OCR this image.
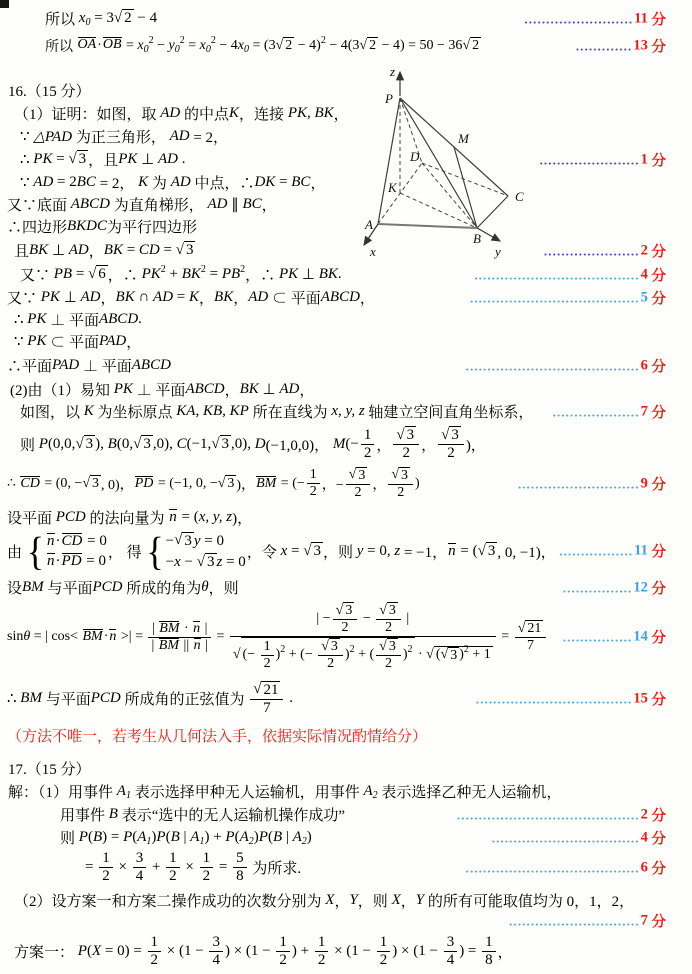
所以 $x_0 = 3$ √ 2 − 4	......................... 11 分
所以 OA · OB = $x_0$
$^2 - y_0$
$^2 = x_0$
$^2$ − 4 $x_0 = (3$ √ 2 − 4)$^2$ − 4(3 √ 2 − 4) = 50 − 36 √ 2	............. 13 分
16.（15 分）
（1）证明：如图，取 AD 的中点 K ，连接 PK, BK ，
∵ △PAD 为正三角形， AD = 2，
∴ PK = √ 3 ，且 PK ⊥ AD .	....................... 1 分
∵ AD = 2 BC = 2， K 为 AD 中点，∴ DK = BC ，
又∵底面 ABCD 为直角梯形， AD ∥ BC ，
∴四边形 BKDC 为平行四边形
且 BK ⊥ AD ， BK = CD = √ 3	...................... 2 分
又∵ PB = √ 6 ，∴ $PK^2 + BK^2 = PB^2$ ，∴ PK ⊥ BK .	...................................... 4 分
又∵ PK ⊥ AD ， BK ∩ AD = K ， BK ， AD ⊂ 平面 ABCD ，	....................................... 5 分
∴ PK ⊥ 平面 ABCD .
∵ PK ⊂ 平面 PAD ，
∴平面 PAD ⊥ 平面 ABCD	........................................ 6 分
(2)由（1）易知 PK ⊥ 平面 ABCD ， BK ⊥ AD ，
如图，以 K 为坐标原点 KA, KB, KP 所在直线为 x, y, z 轴建立空间直角坐标系， .................... 7 分
则 P (0,0, √ 3 ), B (0, √ 3 ,0), C (−1, √ 3 ,0), D (−1,0,0)， M (− $\frac{1}{2}$ ， $\frac{√ 3}{2}$ ， $\frac{√ 3}{2}$ )，
∴ CD = (0, − √ 3 , 0)， PD = (−1, 0, − √ 3 )， BM = (− $\frac{1}{2}$ ，− $\frac{√ 3}{2}$ ， $\frac{√ 3}{2}$ )	............................ 9 分
设平面 PCD 的法向量为 n = ( x, y, z )，
由 { n · CD = 0
n · PD = 0
， 得 { − √ 3 y = 0
− x − √ 3 z = 0
，令 x = √ 3 ，则 y = 0, z = −1， n = ( √ 3 , 0, −1)， ................. 11 分
设 BM 与平面 PCD 所成的角为 θ ，则	................ 12 分
sin θ = | cos< BM · n >| = $\frac{| BM \cdot n |}{| BM || n |} = \frac{| - \frac{√ 3}{2} - \frac{√ 3}{2} |}{√ (- \frac{1}{2} )^2 + (- \frac{√ 3}{2} )^2 + ( \frac{√ 3}{2} )^2 \cdot √ ( √ 3 )^2 + 1} = \frac{√ 21}{7}$ ................ 14 分
∴ BM 与平面 PCD 所成角的正弦值为 $\frac{√ 21}{7}$ .	.................................... 15 分
（方法不唯一，若考生从几何法入手，依据实际情况酌情给分）
17.（15 分）
解：（1）用事件 $A_1$ 表示选择甲种无人运输机，用事件 $A_2$ 表示选择乙种无人运输机，
用事件 B 表示“选中的无人运输机操作成功”	.......................................... 2 分
则 P ( B ) = P ( $A_1$ ) P ( B | $A_1$ ) + P ( $A_2$ ) P ( B | $A_2$ )	.................................. 4 分
= $\frac{1}{2} \times \frac{3}{4} + \frac{1}{2} \times \frac{1}{2} = \frac{5}{8}$ 为所求.	........................................ 6 分
（2）设方案一和方案二操作成功的次数分别为 X ， Y ，则 X ， Y 的所有可能取值均为 0，1，2，
.............................. 7 分
方案一： P ( $X = 0) = \frac{1}{2} \times (1 - \frac{3}{4}$ ) × ($1 - \frac{1}{2}$ ) + $\frac{1}{2} \times (1 - \frac{1}{2}$ ) × ($1 - \frac{3}{4}$ ) = $\frac{1}{8}$ ，
z
P
M
D
K
C
A
B
x	y
